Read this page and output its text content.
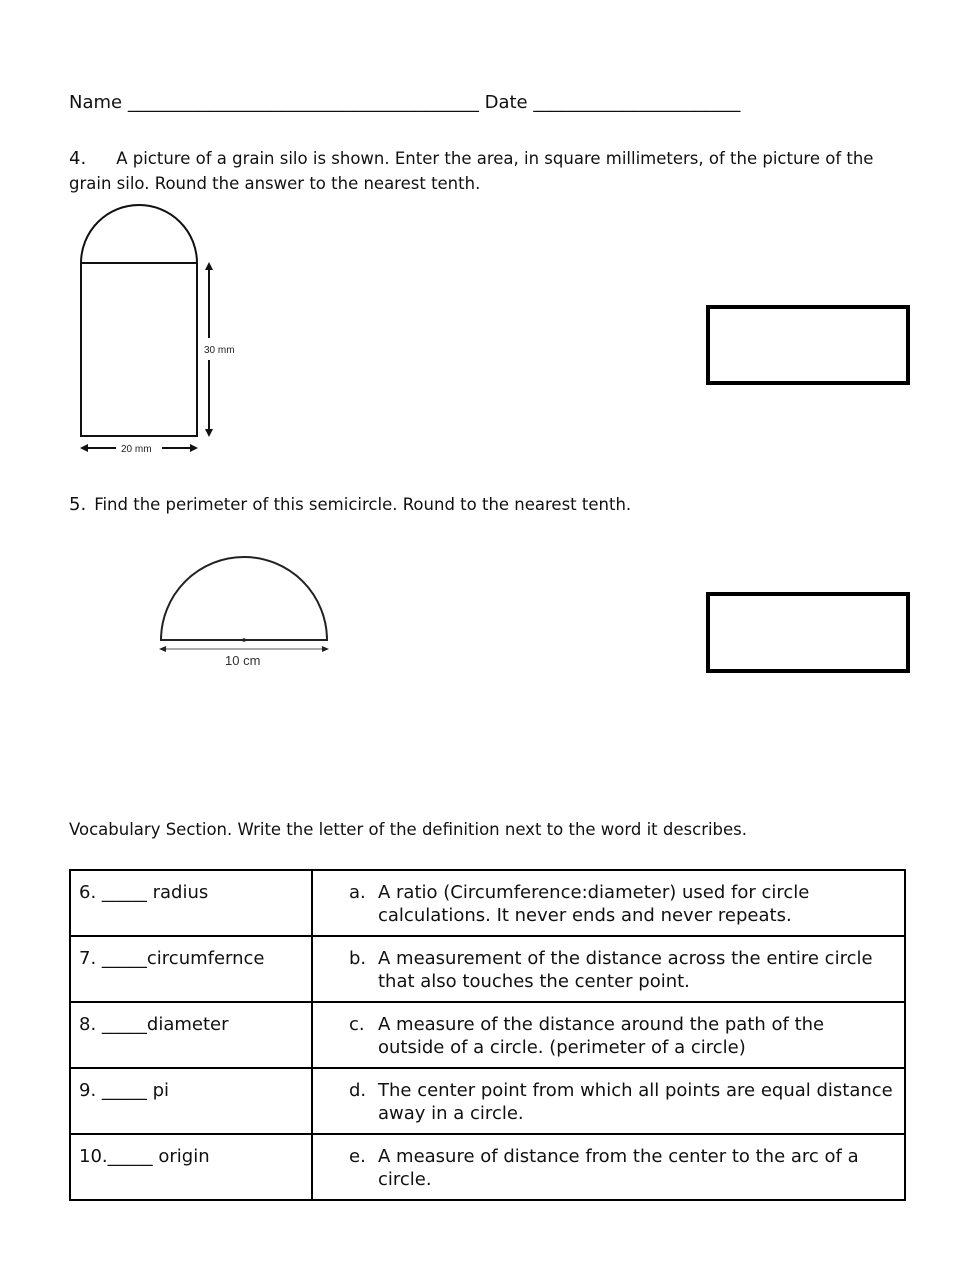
Name _______________________________________ Date _______________________
4. A picture of a grain silo is shown. Enter the area, in square millimeters, of the picture of the grain silo. Round the answer to the nearest tenth.
30 mm
20 mm
5. Find the perimeter of this semicircle. Round to the nearest tenth.
10 cm
Vocabulary Section. Write the letter of the definition next to the word it describes.
6. _____ radius	a. A ratio (Circumference:diameter) used for circle calculations. It never ends and never repeats.

7. _____circumfernce	b. A measurement of the distance across the entire circle that also touches the center point.

8. _____diameter	c. A measure of the distance around the path of the outside of a circle. (perimeter of a circle)

9. _____ pi	d. The center point from which all points are equal distance away in a circle.

10._____ origin	e. A measure of distance from the center to the arc of a circle.
